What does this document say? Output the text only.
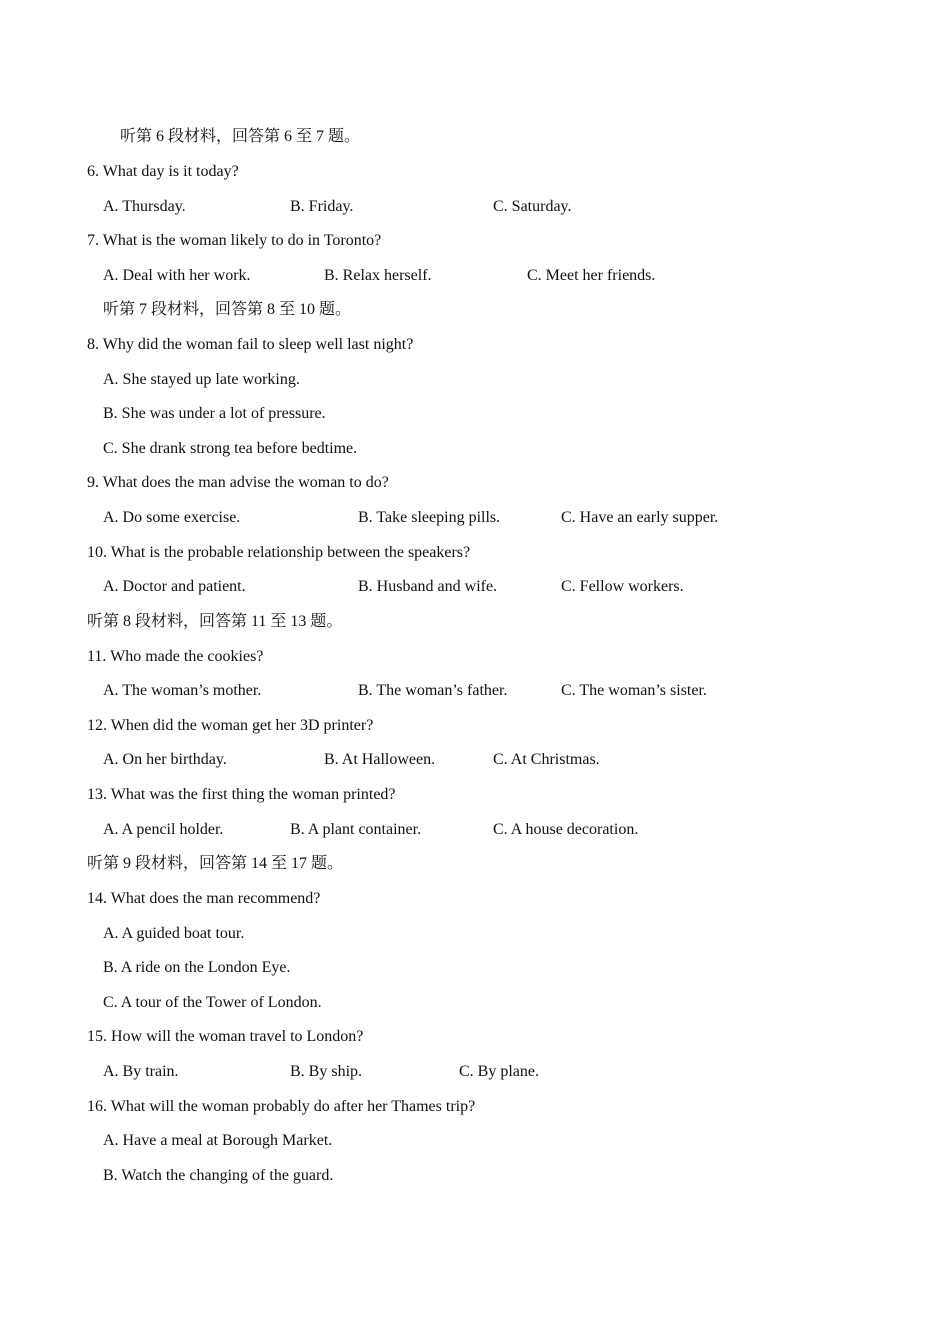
听第 6 段材料，回答第 6 至 7 题。
6. What day is it today?
A. Thursday.	B. Friday.	C. Saturday.
7. What is the woman likely to do in Toronto?
A. Deal with her work.	B. Relax herself.	C. Meet her friends.
听第 7 段材料，回答第 8 至 10 题。
8. Why did the woman fail to sleep well last night?
A. She stayed up late working.
B. She was under a lot of pressure.
C. She drank strong tea before bedtime.
9. What does the man advise the woman to do?
A. Do some exercise.	B. Take sleeping pills.	C. Have an early supper.
10. What is the probable relationship between the speakers?
A. Doctor and patient.	B. Husband and wife.	C. Fellow workers.
听第 8 段材料，回答第 11 至 13 题。
11. Who made the cookies?
A. The woman’s mother.	B. The woman’s father.	C. The woman’s sister.
12. When did the woman get her 3D printer?
A. On her birthday.	B. At Halloween.	C. At Christmas.
13. What was the first thing the woman printed?
A. A pencil holder.	B. A plant container.	C. A house decoration.
听第 9 段材料，回答第 14 至 17 题。
14. What does the man recommend?
A. A guided boat tour.
B. A ride on the London Eye.
C. A tour of the Tower of London.
15. How will the woman travel to London?
A. By train.	B. By ship.	C. By plane.
16. What will the woman probably do after her Thames trip?
A. Have a meal at Borough Market.
B. Watch the changing of the guard.
